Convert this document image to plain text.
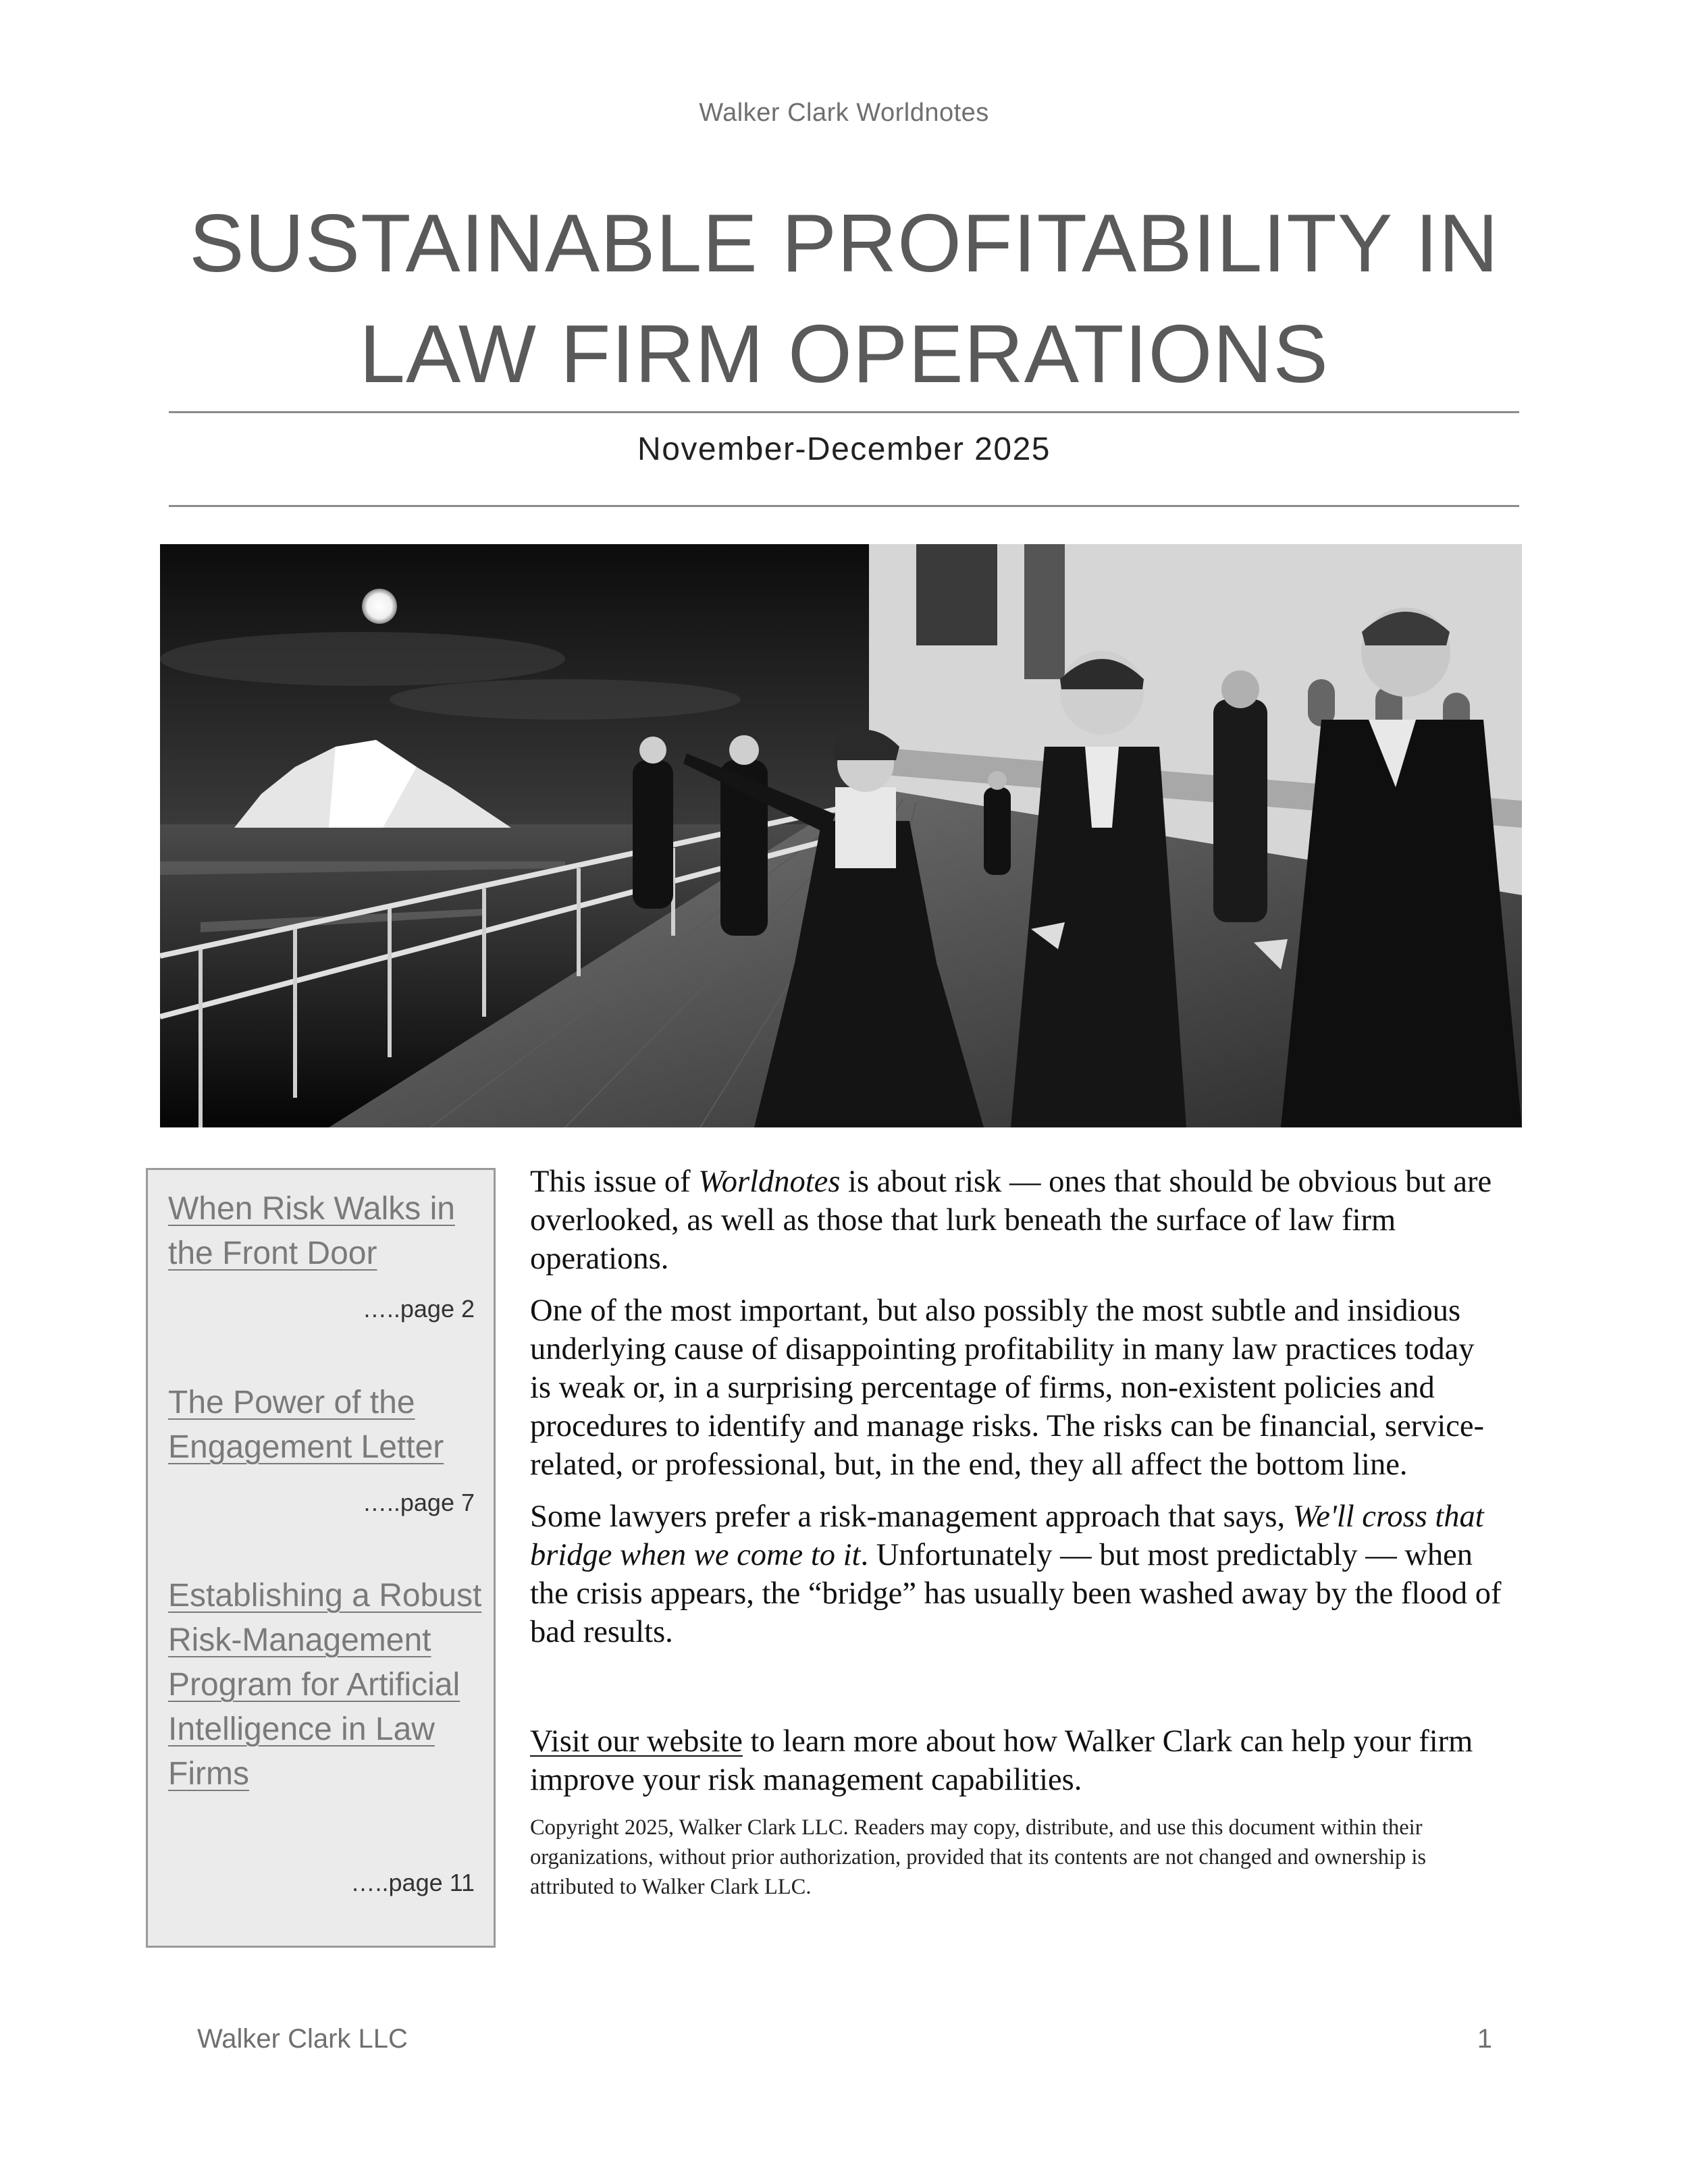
Walker Clark Worldnotes
SUSTAINABLE PROFITABILITY IN
LAW FIRM OPERATIONS
November-December 2025
When Risk Walks in the Front Door
…..page 2
The Power of the Engagement Letter
…..page 7
Establishing a Robust Risk-Management Program for Artificial Intelligence in Law Firms
…..page 11

This issue of Worldnotes is about risk — ones that should be obvious but are overlooked, as well as those that lurk beneath the surface of law firm operations.

One of the most important, but also possibly the most subtle and insidious underlying cause of disappointing profitability in many law practices today is weak or, in a surprising percentage of firms, non-existent policies and procedures to identify and manage risks. The risks can be financial, service-related, or professional, but, in the end, they all affect the bottom line.

Some lawyers prefer a risk-management approach that says, We'll cross that bridge when we come to it. Unfortunately — but most predictably — when the crisis appears, the “bridge” has usually been washed away by the flood of bad results.

Visit our website to learn more about how Walker Clark can help your firm improve your risk management capabilities.

Copyright 2025, Walker Clark LLC. Readers may copy, distribute, and use this document within their organizations, without prior authorization, provided that its contents are not changed and ownership is attributed to Walker Clark LLC.

Walker Clark LLC	1
